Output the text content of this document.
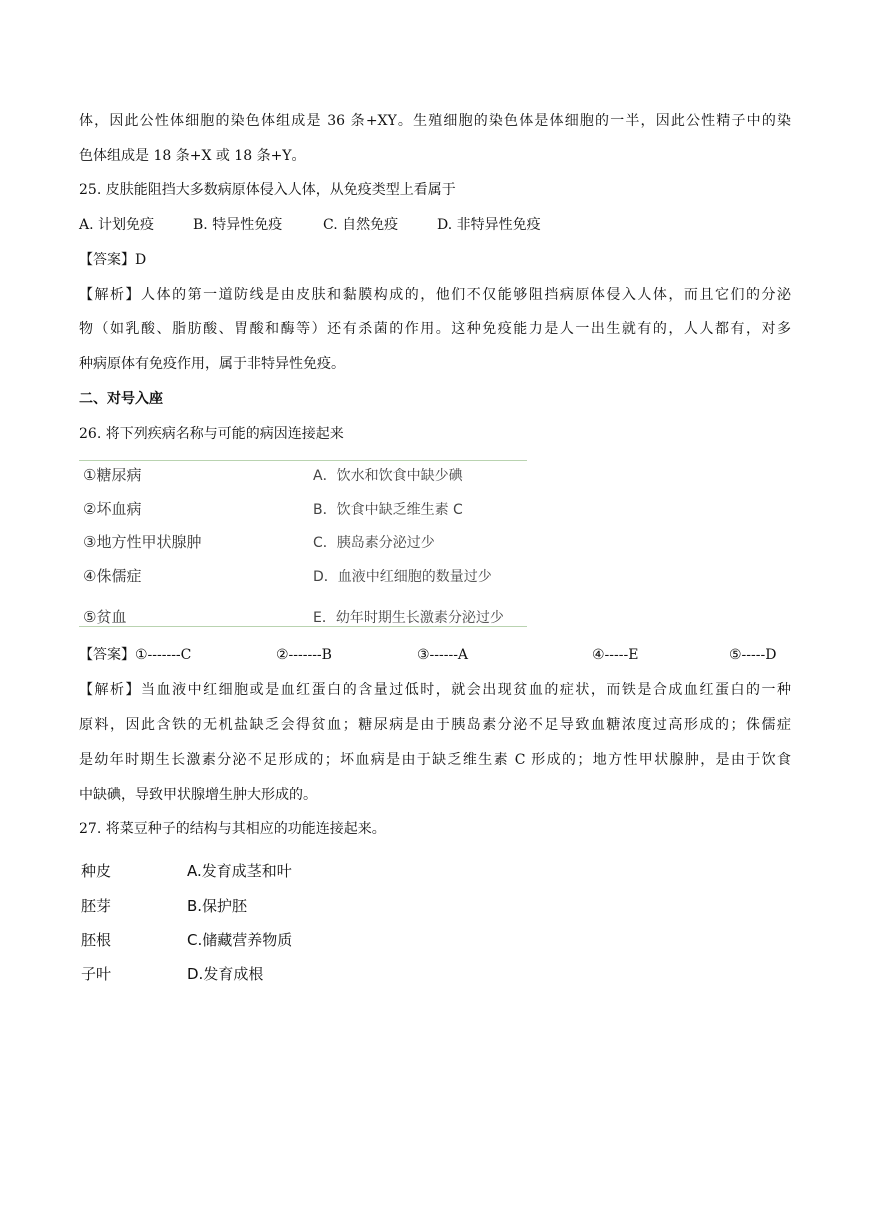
体，因此公性体细胞的染色体组成是 36 条+XY。生殖细胞的染色体是体细胞的一半，因此公性精子中的染
色体组成是 18 条+X 或 18 条+Y。
25. 皮肤能阻挡大多数病原体侵入人体，从免疫类型上看属于
A. 计划免疫	B. 特异性免疫	C. 自然免疫	D. 非特异性免疫
【答案】D
【解析】人体的第一道防线是由皮肤和黏膜构成的，他们不仅能够阻挡病原体侵入人体，而且它们的分泌
物（如乳酸、脂肪酸、胃酸和酶等）还有杀菌的作用。这种免疫能力是人一出生就有的，人人都有，对多
种病原体有免疫作用，属于非特异性免疫。
二、对号入座
26. 将下列疾病名称与可能的病因连接起来
①糖尿病	A．饮水和饮食中缺少碘
②坏血病	B．饮食中缺乏维生素 C
③地方性甲状腺肿	C．胰岛素分泌过少
④侏儒症	D．血液中红细胞的数量过少
⑤贫血	E．幼年时期生长激素分泌过少
【答案】 ①-------C	②-------B	③------A	④-----E	⑤-----D
【解析】当血液中红细胞或是血红蛋白的含量过低时，就会出现贫血的症状，而铁是合成血红蛋白的一种
原料，因此含铁的无机盐缺乏会得贫血；糖尿病是由于胰岛素分泌不足导致血糖浓度过高形成的；侏儒症
是幼年时期生长激素分泌不足形成的；坏血病是由于缺乏维生素 C 形成的；地方性甲状腺肿，是由于饮食
中缺碘，导致甲状腺增生肿大形成的。
27. 将菜豆种子的结构与其相应的功能连接起来。
种皮	A.发育成茎和叶
胚芽	B.保护胚
胚根	C.储藏营养物质
子叶	D.发育成根
